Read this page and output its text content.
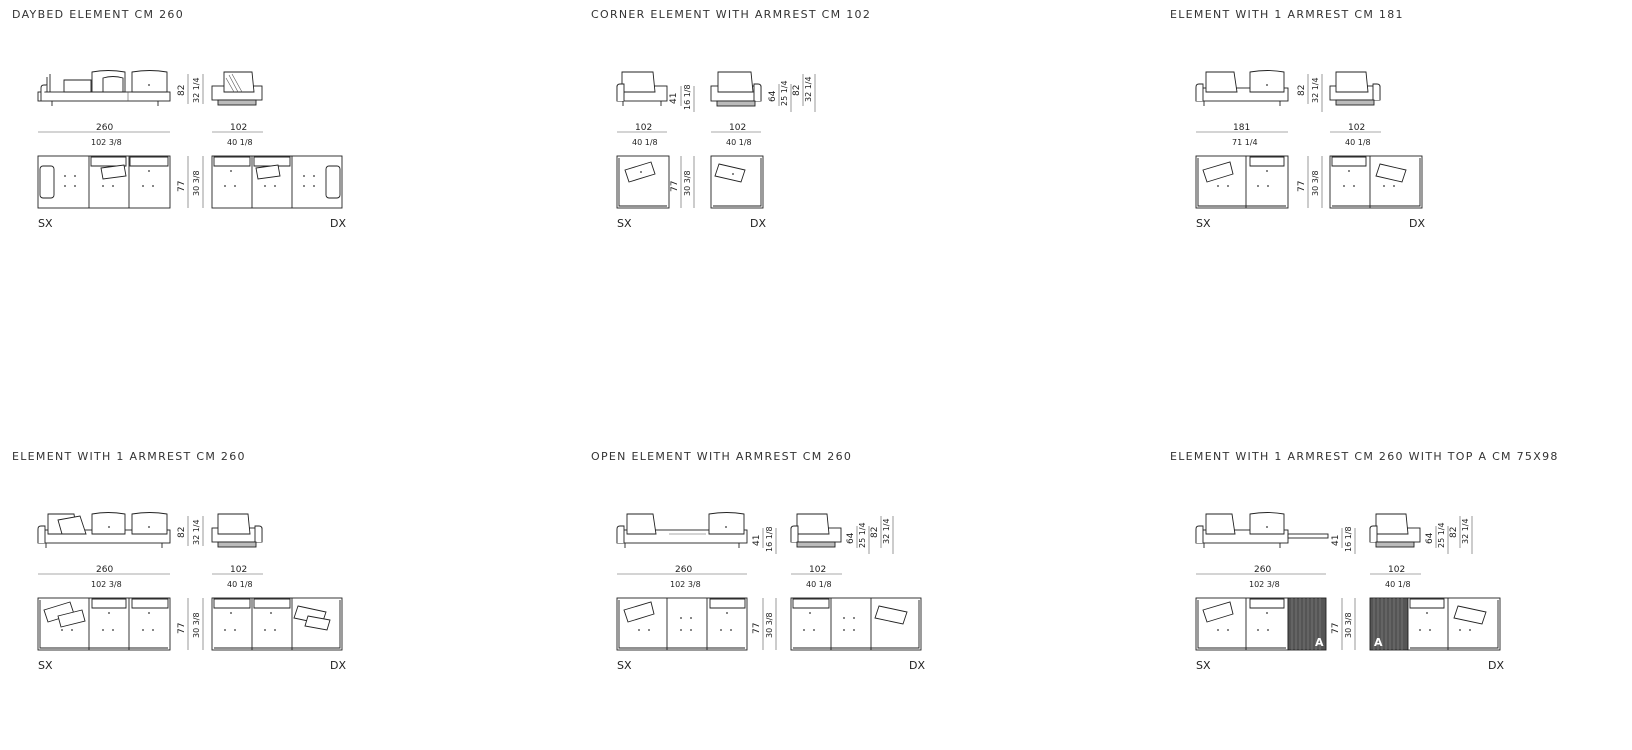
DAYBED ELEMENT CM 260
82 32 1/4
260
102 3/8
102
40 1/8
77 30 3/8
SX	DX
CORNER ELEMENT WITH ARMREST CM 102
41 16 1/8	64 25 1/4 82 32 1/4
102
40 1/8
102
40 1/8
77 30 3/8
SX	DX
ELEMENT WITH 1 ARMREST CM 181
82 32 1/4
181
71 1/4
102
40 1/8
77 30 3/8
SX	DX
ELEMENT WITH 1 ARMREST CM 260
82 32 1/4
260
102 3/8
102
40 1/8
77 30 3/8
SX	DX
OPEN ELEMENT WITH ARMREST CM 260
41 16 1/8	64 25 1/4 82 32 1/4
260
102 3/8
102
40 1/8
77 30 3/8
SX	DX
ELEMENT WITH 1 ARMREST CM 260 WITH TOP A CM 75X98
41 16 1/8	64 25 1/4 82 32 1/4
260
102 3/8
102
40 1/8
A
77 30 3/8
A
SX	DX
